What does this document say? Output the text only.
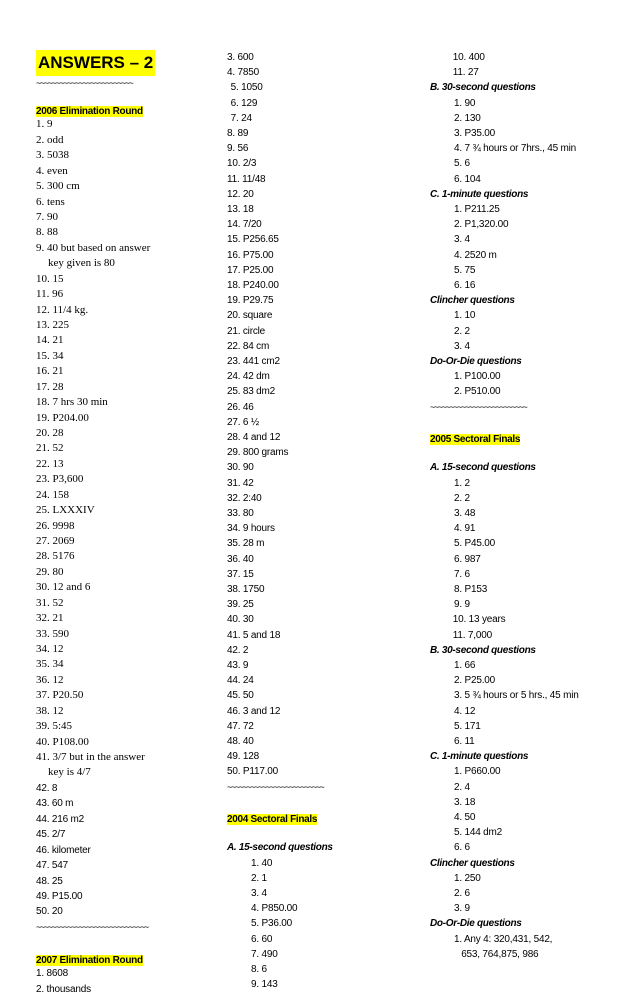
ANSWERS – 2
~~~~~~~~~~~~~~~~~~~~~~~~~
2006 Elimination Round
1. 9
2. odd
3. 5038
4. even
5. 300 cm
6. tens
7. 90
8. 88
9. 40 but based on answer
key given is 80
10. 15
11. 96
12. 11/4 kg.
13. 225
14. 21
15. 34
16. 21
17. 28
18. 7 hrs 30 min
19. P204.00
20. 28
21. 52
22. 13
23. P3,600
24. 158
25. LXXXIV
26. 9998
27. 2069
28. 5176
29. 80
30. 12 and 6
31. 52
32. 21
33. 590
34. 12
35. 34
36. 12
37. P20.50
38. 12
39. 5:45
40. P108.00
41. 3/7 but in the answer
key is 4/7
42. 8
43. 60 m
44. 216 m2
45. 2/7
46. kilometer
47. 547
48. 25
49. P15.00
50. 20
~~~~~~~~~~~~~~~~~~~~~~~~~~~~~
2007 Elimination Round
1. 8608
2. thousands
3. 600
4. 7850
5. 1050
6. 129
7. 24
8. 89
9. 56
10. 2/3
11. 11/48
12. 20
13. 18
14. 7/20
15. P256.65
16. P75.00
17. P25.00
18. P240.00
19. P29.75
20. square
21. circle
22. 84 cm
23. 441 cm2
24. 42 dm
25. 83 dm2
26. 46
27. 6 ½
28. 4 and 12
29. 800 grams
30. 90
31. 42
32. 2:40
33. 80
34. 9 hours
35. 28 m
36. 40
37. 15
38. 1750
39. 25
40. 30
41. 5 and 18
42. 2
43. 9
44. 24
45. 50
46. 3 and 12
47. 72
48. 40
49. 128
50. P117.00
~~~~~~~~~~~~~~~~~~~~~~~~~
2004 Sectoral Finals
A. 15-second questions
1. 40
2. 1
3. 4
4. P850.00
5. P36.00
6. 60
7. 490
8. 6
9. 143
10. 400
11. 27
B. 30-second questions
1. 90
2. 130
3. P35.00
4. 7 ¾ hours or 7hrs., 45 min
5. 6
6. 104
C. 1-minute questions
1. P211.25
2. P1,320.00
3. 4
4. 2520 m
5. 75
6. 16
Clincher questions
1. 10
2. 2
3. 4
Do-Or-Die questions
1. P100.00
2. P510.00
~~~~~~~~~~~~~~~~~~~~~~~~~
2005 Sectoral Finals
A. 15-second questions
1. 2
2. 2
3. 48
4. 91
5. P45.00
6. 987
7. 6
8. P153
9. 9
10. 13 years
11. 7,000
B. 30-second questions
1. 66
2. P25.00
3. 5 ¾ hours or 5 hrs., 45 min
4. 12
5. 171
6. 11
C. 1-minute questions
1. P660.00
2. 4
3. 18
4. 50
5. 144 dm2
6. 6
Clincher questions
1. 250
2. 6
3. 9
Do-Or-Die questions
1. Any 4: 320,431, 542,
653, 764,875, 986
